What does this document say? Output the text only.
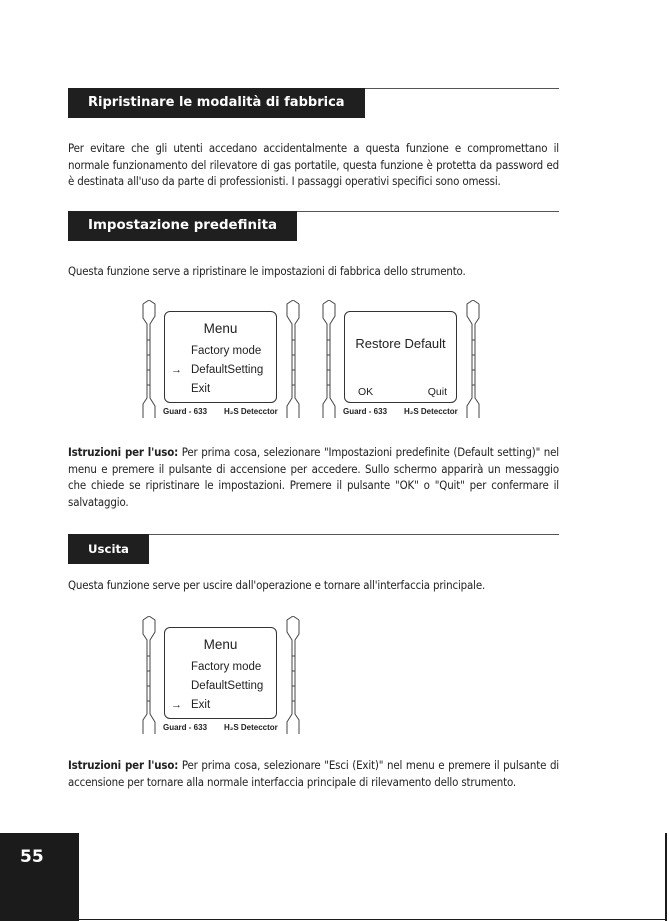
Ripristinare le modalità di fabbrica
Per evitare che gli utenti accedano accidentalmente a questa funzione e compromettano il normale funzionamento del rilevatore di gas portatile, questa funzione è protetta da password ed è destinata all'uso da parte di professionisti. I passaggi operativi specifici sono omessi.
Impostazione predefinita
Questa funzione serve a ripristinare le impostazioni di fabbrica dello strumento.
Menu
Factory mode
→ DefaultSetting
Exit
Guard - 633 H₂S Detecctor
Restore Default
OK	Quit
Guard - 633 H₂S Detecctor
Istruzioni per l'uso: Per prima cosa, selezionare "Impostazioni predefinite (Default setting)" nel menu e premere il pulsante di accensione per accedere. Sullo schermo apparirà un messaggio che chiede se ripristinare le impostazioni. Premere il pulsante "OK" o "Quit" per confermare il salvataggio.
Uscita
Questa funzione serve per uscire dall'operazione e tornare all'interfaccia principale.
Menu
Factory mode
DefaultSetting
→ Exit
Guard - 633 H₂S Detecctor
Istruzioni per l'uso: Per prima cosa, selezionare "Esci (Exit)" nel menu e premere il pulsante di accensione per tornare alla normale interfaccia principale di rilevamento dello strumento.
55
